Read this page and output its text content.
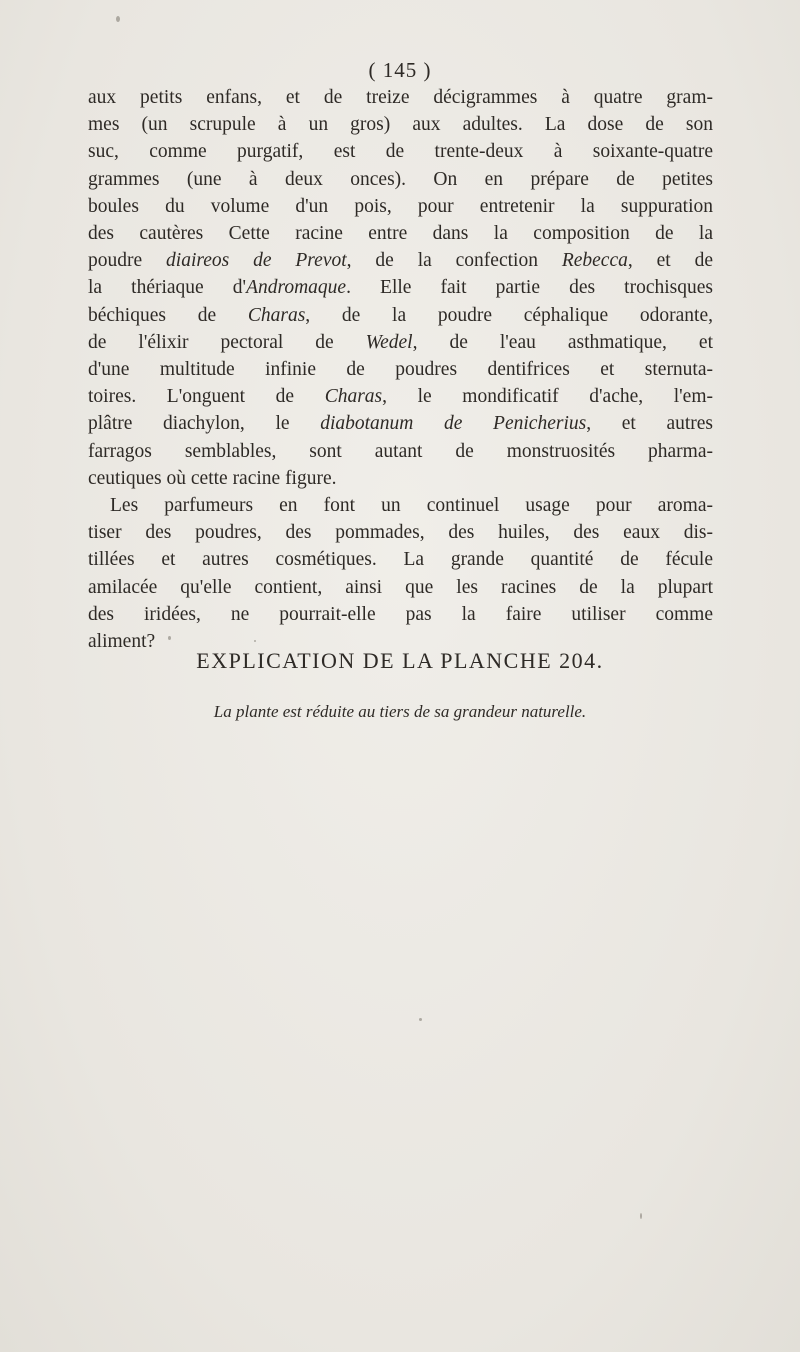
( 145 )
aux petits enfans, et de treize décigrammes à quatre gram-
mes (un scrupule à un gros) aux adultes. La dose de son
suc, comme purgatif, est de trente-deux à soixante-quatre
grammes (une à deux onces). On en prépare de petites
boules du volume d'un pois, pour entretenir la suppuration
des cautères Cette racine entre dans la composition de la
poudre diaireos de Prevot, de la confection Rebecca, et de
la thériaque d'Andromaque. Elle fait partie des trochisques
béchiques de Charas, de la poudre céphalique odorante,
de l'élixir pectoral de Wedel, de l'eau asthmatique, et
d'une multitude infinie de poudres dentifrices et sternuta-
toires. L'onguent de Charas, le mondificatif d'ache, l'em-
plâtre diachylon, le diabotanum de Penicherius, et autres
farragos semblables, sont autant de monstruosités pharma-
ceutiques où cette racine figure.
Les parfumeurs en font un continuel usage pour aroma-
tiser des poudres, des pommades, des huiles, des eaux dis-
tillées et autres cosmétiques. La grande quantité de fécule
amilacée qu'elle contient, ainsi que les racines de la plupart
des iridées, ne pourrait-elle pas la faire utiliser comme
aliment?
EXPLICATION DE LA PLANCHE 204.
La plante est réduite au tiers de sa grandeur naturelle.
